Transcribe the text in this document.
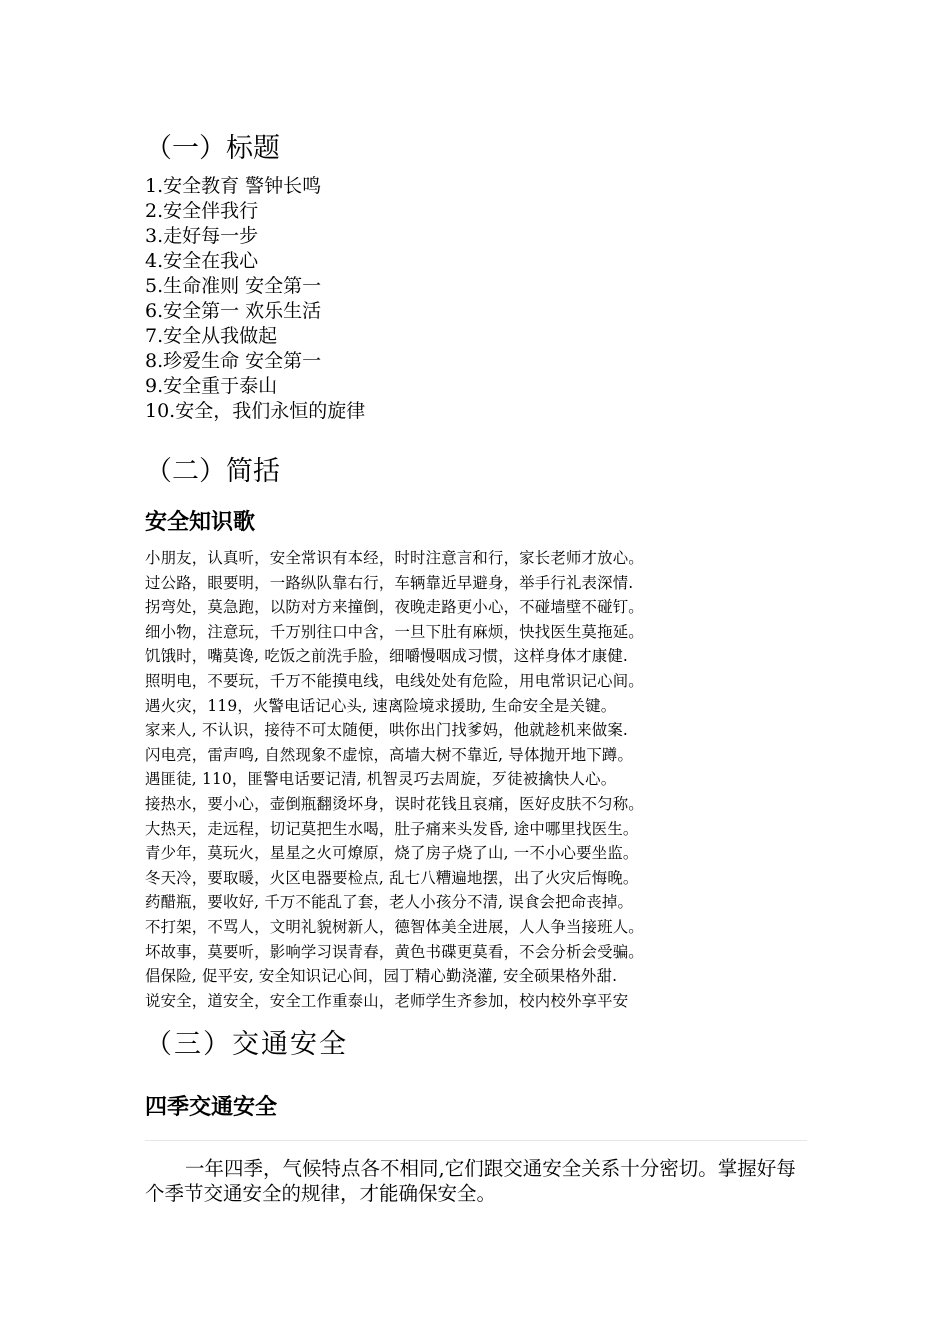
（一）标题
1.安全教育 警钟长鸣
2.安全伴我行
3.走好每一步
4.安全在我心
5.生命准则 安全第一
6.安全第一 欢乐生活
7.安全从我做起
8.珍爱生命 安全第一
9.安全重于泰山
10.安全，我们永恒的旋律
（二）简括
安全知识歌
小朋友，认真听，安全常识有本经，时时注意言和行，家长老师才放心。
过公路，眼要明，一路纵队靠右行，车辆靠近早避身，举手行礼表深情.
拐弯处，莫急跑，以防对方来撞倒，夜晚走路更小心，不碰墙壁不碰钉。
细小物，注意玩，千万别往口中含，一旦下肚有麻烦，快找医生莫拖延。
饥饿时，嘴莫谗, 吃饭之前洗手脸，细嚼慢咽成习惯，这样身体才康健.
照明电，不要玩，千万不能摸电线，电线处处有危险，用电常识记心间。
遇火灾，119，火警电话记心头, 速离险境求援助, 生命安全是关键。
家来人, 不认识，接待不可太随便，哄你出门找爹妈，他就趁机来做案.
闪电亮，雷声鸣, 自然现象不虚惊，高墙大树不靠近, 导体抛开地下蹲。
遇匪徒, 110，匪警电话要记清, 机智灵巧去周旋，歹徒被擒快人心。
接热水，要小心，壶倒瓶翻烫坏身，误时花钱且哀痛，医好皮肤不匀称。
大热天，走远程，切记莫把生水喝，肚子痛来头发昏, 途中哪里找医生。
青少年，莫玩火，星星之火可燎原，烧了房子烧了山, 一不小心要坐监。
冬天冷，要取暖，火区电器要检点, 乱七八糟遍地摆，出了火灾后悔晚。
药醋瓶，要收好, 千万不能乱了套，老人小孩分不清, 误食会把命丧掉。
不打架，不骂人，文明礼貌树新人，德智体美全进展，人人争当接班人。
坏故事，莫要听，影响学习误青春，黄色书碟更莫看，不会分析会受骗。
倡保险, 促平安, 安全知识记心间，园丁精心勤浇灌, 安全硕果格外甜.
说安全，道安全，安全工作重泰山，老师学生齐参加，校内校外享平安
（三）交通安全
四季交通安全

一年四季，气候特点各不相同,它们跟交通安全关系十分密切。掌握好每个季节交通安全的规律，才能确保安全。
